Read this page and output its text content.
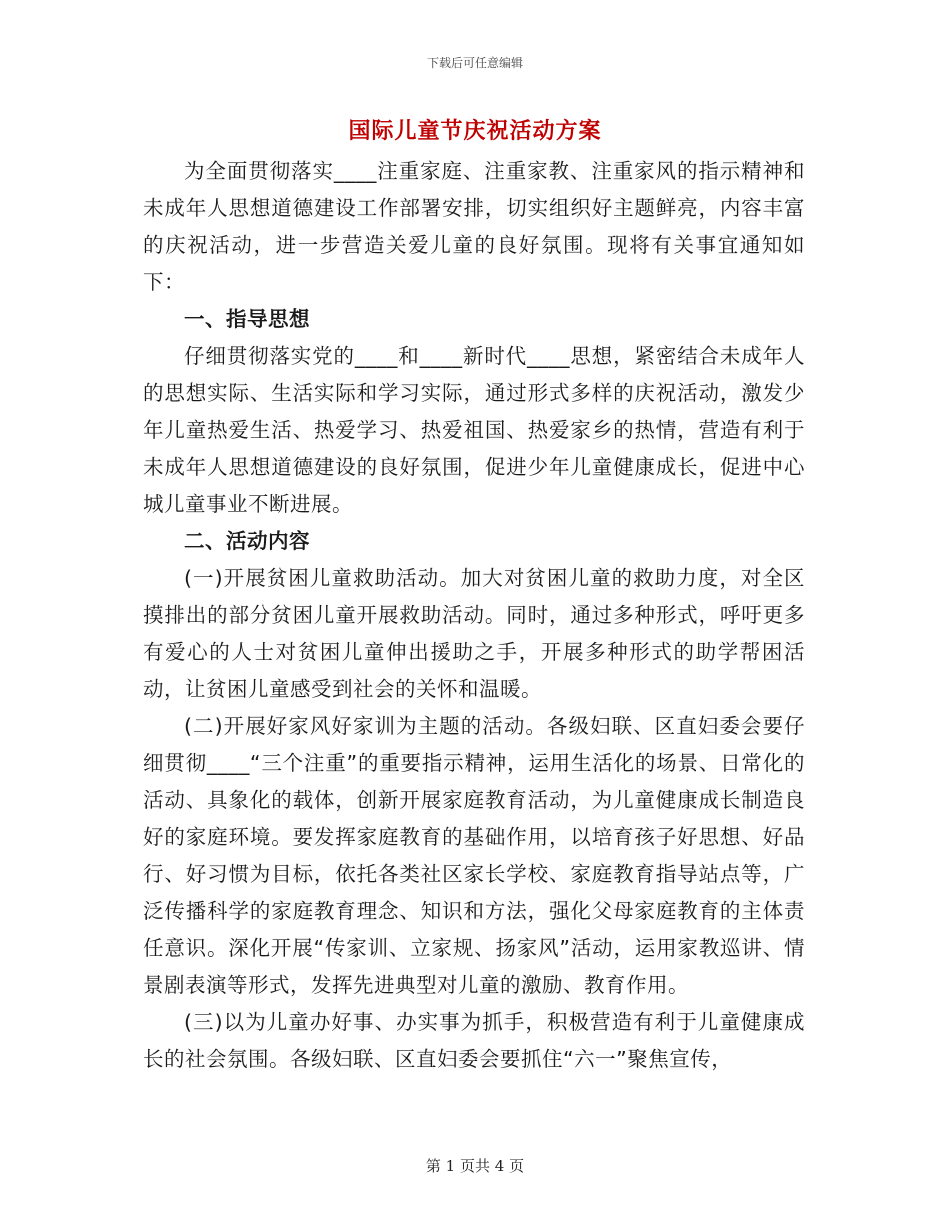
下载后可任意编辑
国际儿童节庆祝活动方案

为全面贯彻落实____注重家庭、注重家教、注重家风的指示精神和未成年人思想道德建设工作部署安排，切实组织好主题鲜亮，内容丰富的庆祝活动，进一步营造关爱儿童的良好氛围。现将有关事宜通知如下：

一、指导思想

仔细贯彻落实党的____和____新时代____思想，紧密结合未成年人的思想实际、生活实际和学习实际，通过形式多样的庆祝活动，激发少年儿童热爱生活、热爱学习、热爱祖国、热爱家乡的热情，营造有利于未成年人思想道德建设的良好氛围，促进少年儿童健康成长，促进中心城儿童事业不断进展。

二、活动内容

(一)开展贫困儿童救助活动。加大对贫困儿童的救助力度，对全区摸排出的部分贫困儿童开展救助活动。同时，通过多种形式，呼吁更多有爱心的人士对贫困儿童伸出援助之手，开展多种形式的助学帮困活动，让贫困儿童感受到社会的关怀和温暖。

(二)开展好家风好家训为主题的活动。各级妇联、区直妇委会要仔细贯彻____“三个注重”的重要指示精神，运用生活化的场景、日常化的活动、具象化的载体，创新开展家庭教育活动，为儿童健康成长制造良好的家庭环境。要发挥家庭教育的基础作用，以培育孩子好思想、好品行、好习惯为目标，依托各类社区家长学校、家庭教育指导站点等，广泛传播科学的家庭教育理念、知识和方法，强化父母家庭教育的主体责任意识。深化开展“传家训、立家规、扬家风”活动，运用家教巡讲、情景剧表演等形式，发挥先进典型对儿童的激励、教育作用。

(三)以为儿童办好事、办实事为抓手，积极营造有利于儿童健康成长的社会氛围。各级妇联、区直妇委会要抓住“六一”聚焦宣传，

第 1 页共 4 页
